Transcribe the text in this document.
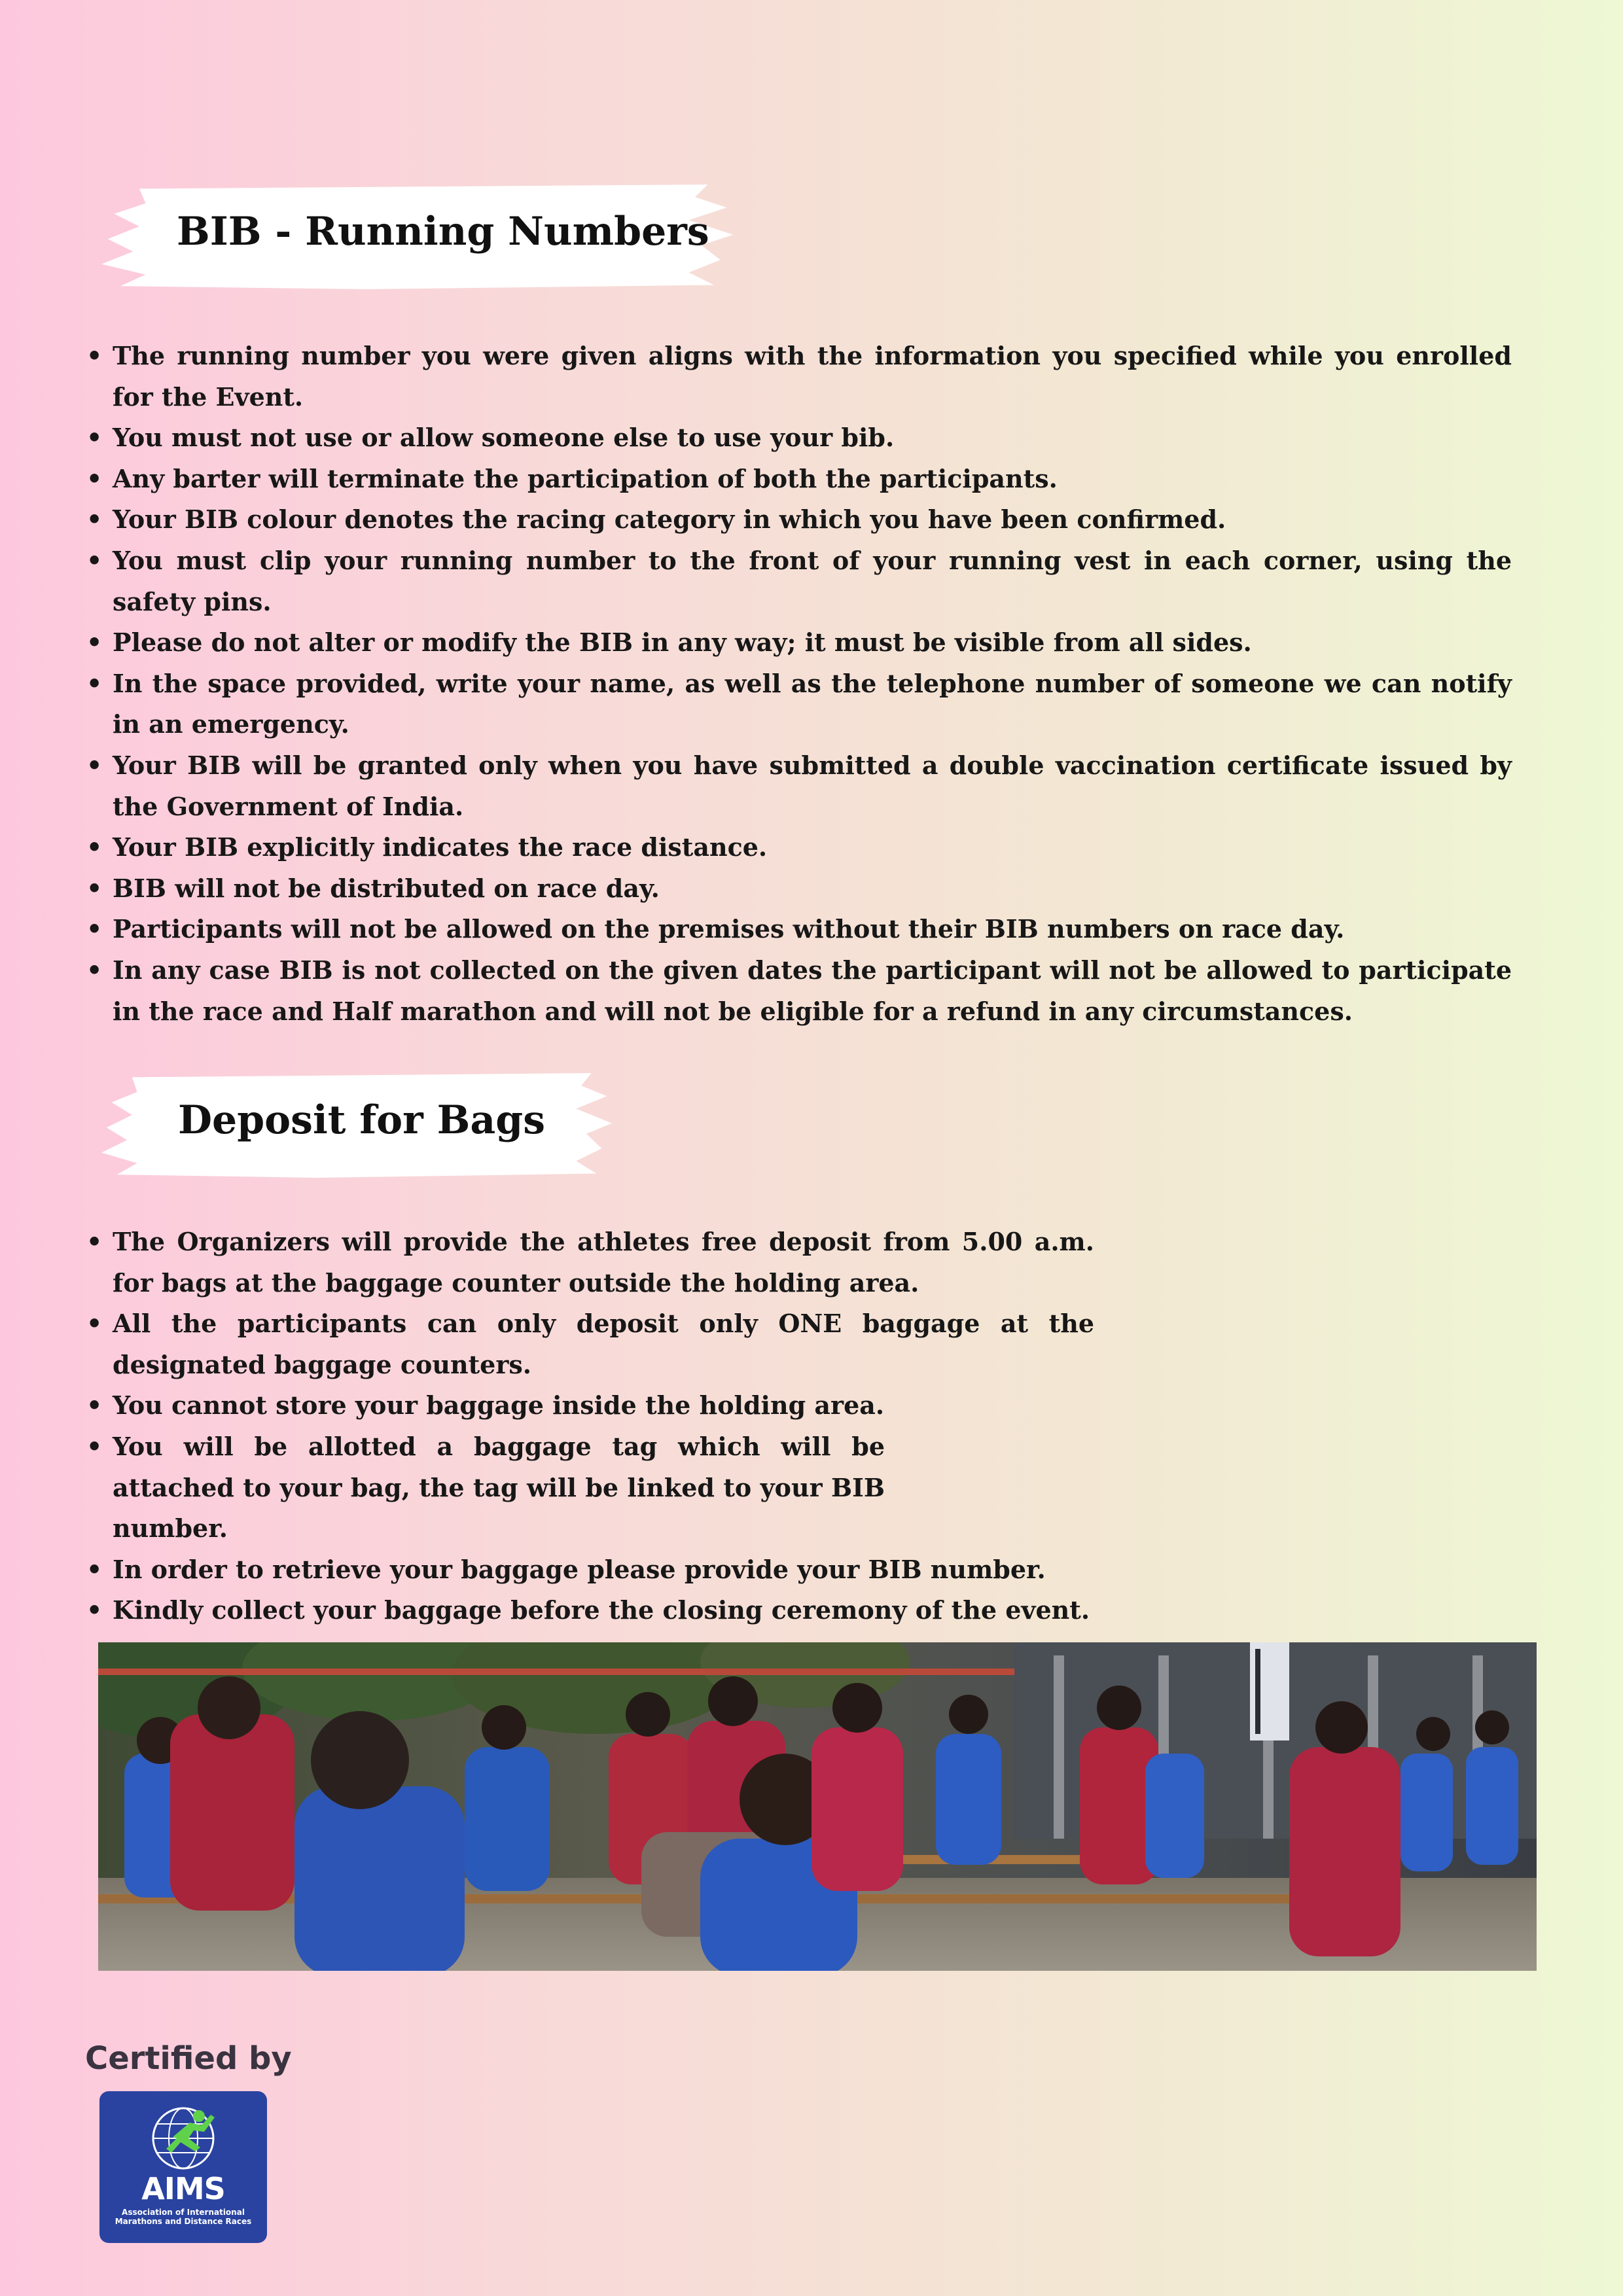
BIB - Running Numbers
• The running number you were given aligns with the information you specified while you enrolled for the Event.
• You must not use or allow someone else to use your bib.
• Any barter will terminate the participation of both the participants.
• Your BIB colour denotes the racing category in which you have been confirmed.
• You must clip your running number to the front of your running vest in each corner, using the safety pins.
• Please do not alter or modify the BIB in any way; it must be visible from all sides.
• In the space provided, write your name, as well as the telephone number of someone we can notify in an emergency.
• Your BIB will be granted only when you have submitted a double vaccination certificate issued by the Government of India.
• Your BIB explicitly indicates the race distance.
• BIB will not be distributed on race day.
• Participants will not be allowed on the premises without their BIB numbers on race day.
• In any case BIB is not collected on the given dates the participant will not be allowed to participate in the race and Half marathon and will not be eligible for a refund in any circumstances.
Deposit for Bags
• The Organizers will provide the athletes free deposit from 5.00 a.m. for bags at the baggage counter outside the holding area.
• All the participants can only deposit only ONE baggage at the designated baggage counters.
• You cannot store your baggage inside the holding area.
• You will be allotted a baggage tag which will be attached to your bag, the tag will be linked to your BIB number.
• In order to retrieve your baggage please provide your BIB number.
• Kindly collect your baggage before the closing ceremony of the event.
Certified by
AIMS
Association of International
Marathons and Distance Races
